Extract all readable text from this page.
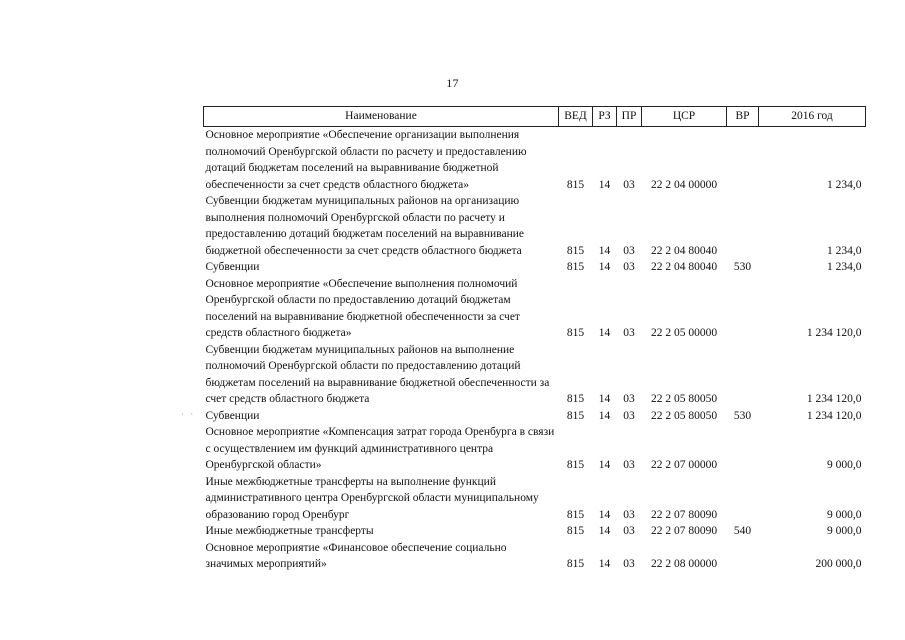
17
· ·
Наименование	ВЕД	РЗ	ПР	ЦСР	ВР	2016 год
Основное мероприятие «Обеспечение организации выполнения полномочий Оренбургской области по расчету и предоставлению дотаций бюджетам поселений на выравнивание бюджетной обеспеченности за счет средств областного бюджета»	815	14	03	22 2 04 00000		1 234,0
Субвенции бюджетам муниципальных районов на организацию выполнения полномочий Оренбургской области по расчету и предоставлению дотаций бюджетам поселений на выравнивание бюджетной обеспеченности за счет средств областного бюджета	815	14	03	22 2 04 80040		1 234,0
Субвенции	815	14	03	22 2 04 80040	530	1 234,0
Основное мероприятие «Обеспечение выполнения полномочий Оренбургской области по предоставлению дотаций бюджетам поселений на выравнивание бюджетной обеспеченности за счет средств областного бюджета»	815	14	03	22 2 05 00000		1 234 120,0
Субвенции бюджетам муниципальных районов на выполнение полномочий Оренбургской области по предоставлению дотаций бюджетам поселений на выравнивание бюджетной обеспеченности за счет средств областного бюджета	815	14	03	22 2 05 80050		1 234 120,0
Субвенции	815	14	03	22 2 05 80050	530	1 234 120,0
Основное мероприятие «Компенсация затрат города Оренбурга в связи с осуществлением им функций административного центра Оренбургской области»	815	14	03	22 2 07 00000		9 000,0
Иные межбюджетные трансферты на выполнение функций административного центра Оренбургской области муниципальному образованию город Оренбург	815	14	03	22 2 07 80090		9 000,0
Иные межбюджетные трансферты	815	14	03	22 2 07 80090	540	9 000,0
Основное мероприятие «Финансовое обеспечение социально значимых мероприятий»	815	14	03	22 2 08 00000		200 000,0
